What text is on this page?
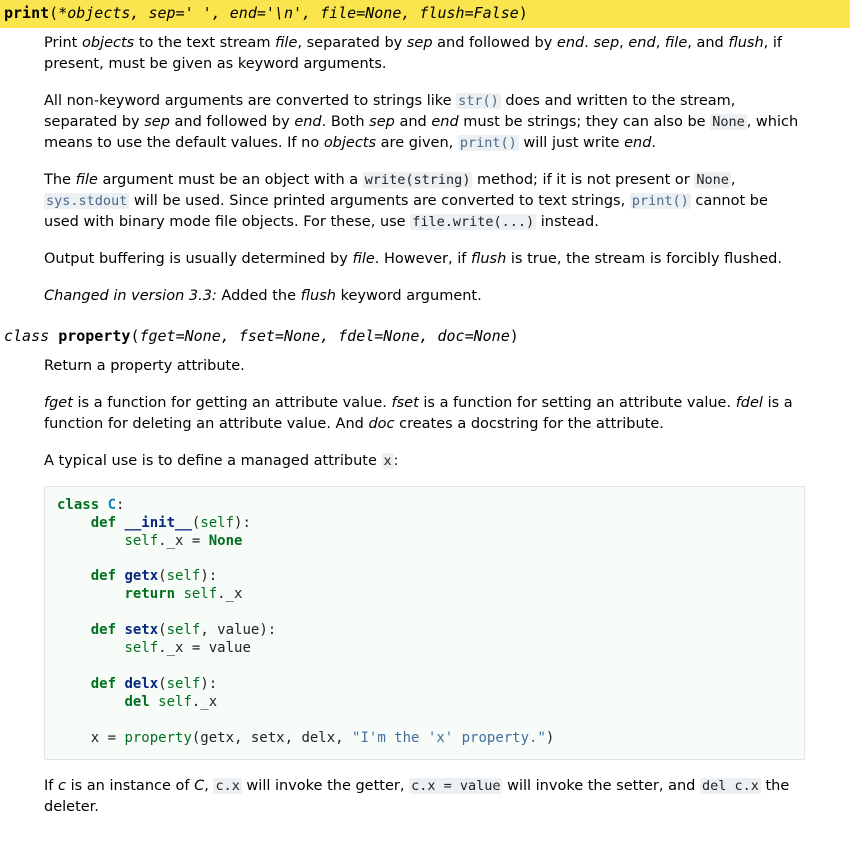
print(*objects, sep=' ', end='\n', file=None, flush=False)

Print objects to the text stream file, separated by sep and followed by end. sep, end, file, and flush, if present, must be given as keyword arguments.

All non-keyword arguments are converted to strings like str() does and written to the stream, separated by sep and followed by end. Both sep and end must be strings; they can also be None , which means to use the default values. If no objects are given, print() will just write end.

The file argument must be an object with a write(string) method; if it is not present or None , sys.stdout will be used. Since printed arguments are converted to text strings, print() cannot be used with binary mode file objects. For these, use file.write(...) instead.

Output buffering is usually determined by file. However, if flush is true, the stream is forcibly flushed.

Changed in version 3.3: Added the flush keyword argument.

class property(fget=None, fset=None, fdel=None, doc=None)

Return a property attribute.

fget is a function for getting an attribute value. fset is a function for setting an attribute value. fdel is a function for deleting an attribute value. And doc creates a docstring for the attribute.

A typical use is to define a managed attribute x :

class C:
def __init__(self):
self._x = None

def getx(self):
return self._x

def setx(self, value):
self._x = value

def delx(self):
del self._x

x = property(getx, setx, delx, "I'm the 'x' property.")

If c is an instance of C, c.x will invoke the getter, c.x = value will invoke the setter, and del c.x the deleter.
